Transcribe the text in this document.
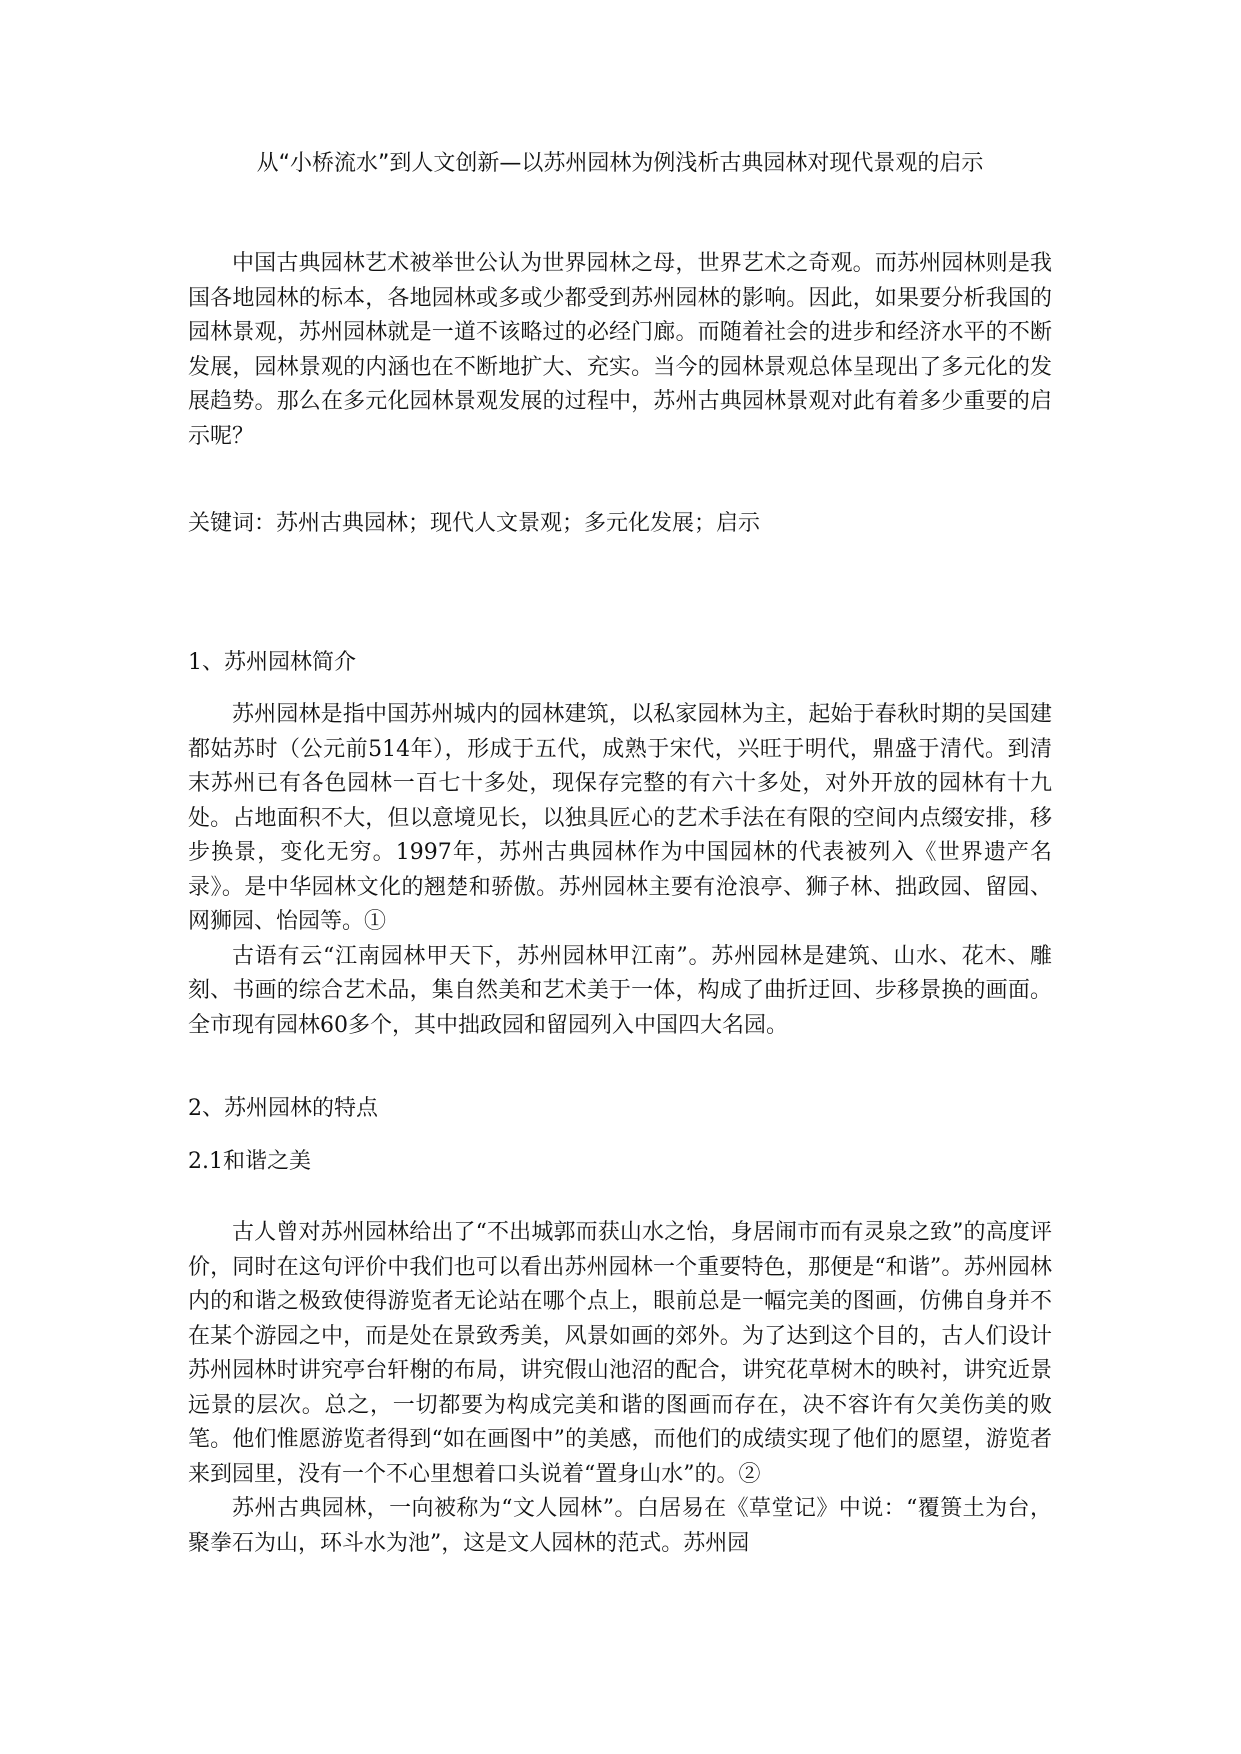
从“小桥流水”到人文创新—以苏州园林为例浅析古典园林对现代景观的启示

中国古典园林艺术被举世公认为世界园林之母，世界艺术之奇观。而苏州园林则是我国各地园林的标本，各地园林或多或少都受到苏州园林的影响。因此，如果要分析我国的园林景观，苏州园林就是一道不该略过的必经门廊。而随着社会的进步和经济水平的不断发展，园林景观的内涵也在不断地扩大、充实。当今的园林景观总体呈现出了多元化的发展趋势。那么在多元化园林景观发展的过程中，苏州古典园林景观对此有着多少重要的启示呢？

关键词：苏州古典园林；现代人文景观；多元化发展；启示
1、苏州园林简介

苏州园林是指中国苏州城内的园林建筑，以私家园林为主，起始于春秋时期的吴国建都姑苏时（公元前514年），形成于五代，成熟于宋代，兴旺于明代，鼎盛于清代。到清末苏州已有各色园林一百七十多处，现保存完整的有六十多处，对外开放的园林有十九处。占地面积不大，但以意境见长，以独具匠心的艺术手法在有限的空间内点缀安排，移步换景，变化无穷。1997年，苏州古典园林作为中国园林的代表被列入《世界遗产名录》。是中华园林文化的翘楚和骄傲。苏州园林主要有沧浪亭、狮子林、拙政园、留园、网狮园、怡园等。①

古语有云“江南园林甲天下，苏州园林甲江南”。苏州园林是建筑、山水、花木、雕刻、书画的综合艺术品，集自然美和艺术美于一体，构成了曲折迂回、步移景换的画面。全市现有园林60多个，其中拙政园和留园列入中国四大名园。

2、苏州园林的特点
2.1和谐之美

古人曾对苏州园林给出了“不出城郭而获山水之怡，身居闹市而有灵泉之致”的高度评价，同时在这句评价中我们也可以看出苏州园林一个重要特色，那便是“和谐”。苏州园林内的和谐之极致使得游览者无论站在哪个点上，眼前总是一幅完美的图画，仿佛自身并不在某个游园之中，而是处在景致秀美，风景如画的郊外。为了达到这个目的，古人们设计苏州园林时讲究亭台轩榭的布局，讲究假山池沼的配合，讲究花草树木的映衬，讲究近景远景的层次。总之，一切都要为构成完美和谐的图画而存在，决不容许有欠美伤美的败笔。他们惟愿游览者得到“如在画图中”的美感，而他们的成绩实现了他们的愿望，游览者来到园里，没有一个不心里想着口头说着“置身山水”的。②

苏州古典园林，一向被称为“文人园林”。白居易在《草堂记》中说：“覆篑土为台，聚拳石为山，环斗水为池”，这是文人园林的范式。苏州园
